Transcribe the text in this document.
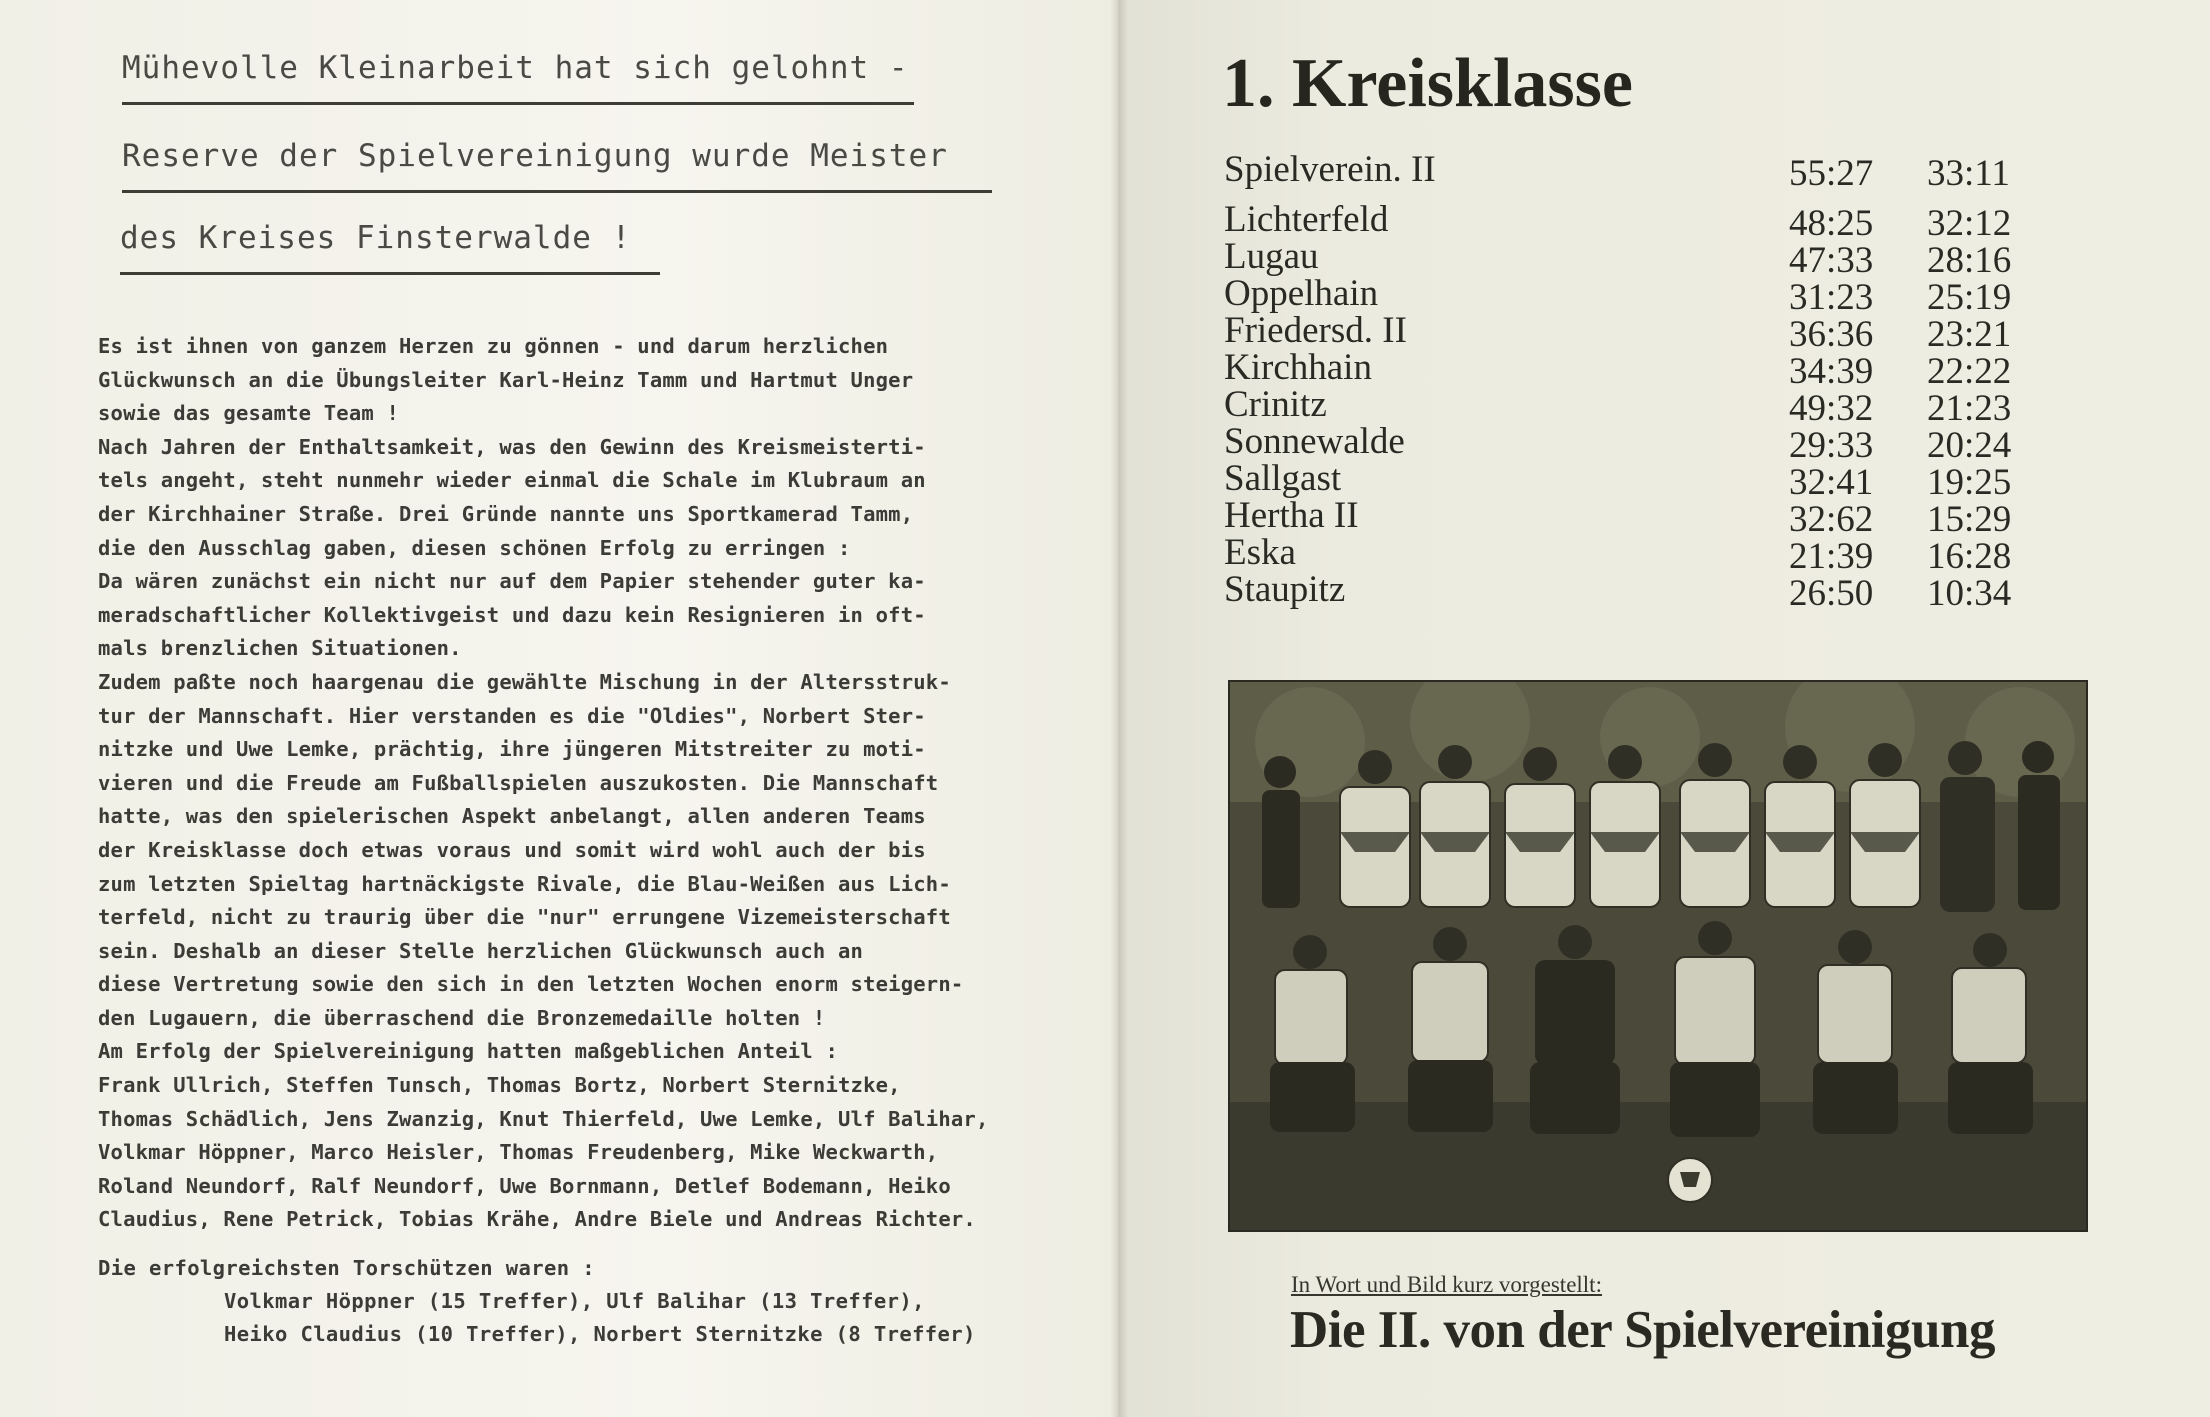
Mühevolle Kleinarbeit hat sich gelohnt -
Reserve der Spielvereinigung wurde Meister
des Kreises Finsterwalde !
Es ist ihnen von ganzem Herzen zu gönnen - und darum herzlichen
Glückwunsch an die Übungsleiter Karl-Heinz Tamm und Hartmut Unger
sowie das gesamte Team !
Nach Jahren der Enthaltsamkeit, was den Gewinn des Kreismeisterti-
tels angeht, steht nunmehr wieder einmal die Schale im Klubraum an
der Kirchhainer Straße. Drei Gründe nannte uns Sportkamerad Tamm,
die den Ausschlag gaben, diesen schönen Erfolg zu erringen :
Da wären zunächst ein nicht nur auf dem Papier stehender guter ka-
meradschaftlicher Kollektivgeist und dazu kein Resignieren in oft-
mals brenzlichen Situationen.
Zudem paßte noch haargenau die gewählte Mischung in der Altersstruk-
tur der Mannschaft. Hier verstanden es die "Oldies", Norbert Ster-
nitzke und Uwe Lemke, prächtig, ihre jüngeren Mitstreiter zu moti-
vieren und die Freude am Fußballspielen auszukosten. Die Mannschaft
hatte, was den spielerischen Aspekt anbelangt, allen anderen Teams
der Kreisklasse doch etwas voraus und somit wird wohl auch der bis
zum letzten Spieltag hartnäckigste Rivale, die Blau-Weißen aus Lich-
terfeld, nicht zu traurig über die "nur" errungene Vizemeisterschaft
sein. Deshalb an dieser Stelle herzlichen Glückwunsch auch an
diese Vertretung sowie den sich in den letzten Wochen enorm steigern-
den Lugauern, die überraschend die Bronzemedaille holten !
Am Erfolg der Spielvereinigung hatten maßgeblichen Anteil :
Frank Ullrich, Steffen Tunsch, Thomas Bortz, Norbert Sternitzke,
Thomas Schädlich, Jens Zwanzig, Knut Thierfeld, Uwe Lemke, Ulf Balihar,
Volkmar Höppner, Marco Heisler, Thomas Freudenberg, Mike Weckwarth,
Roland Neundorf, Ralf Neundorf, Uwe Bornmann, Detlef Bodemann, Heiko
Claudius, Rene Petrick, Tobias Krähe, Andre Biele und Andreas Richter.
Die erfolgreichsten Torschützen waren :
Volkmar Höppner (15 Treffer), Ulf Balihar (13 Treffer),
Heiko Claudius (10 Treffer), Norbert Sternitzke (8 Treffer)
1. Kreisklasse
Spielverein. II	55:27 33:11
Lichterfeld	48:25 32:12
Lugau	47:33 28:16
Oppelhain	31:23 25:19
Friedersd. II	36:36 23:21
Kirchhain	34:39 22:22
Crinitz	49:32 21:23
Sonnewalde	29:33 20:24
Sallgast	32:41 19:25
Hertha II	32:62 15:29
Eska	21:39 16:28
Staupitz	26:50 10:34
In Wort und Bild kurz vorgestellt:
Die II. von der Spielvereinigung
